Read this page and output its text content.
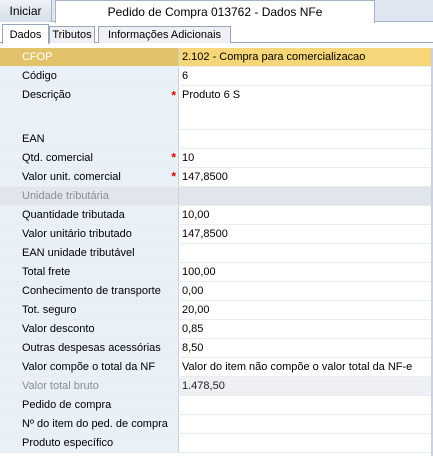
Iniciar	Pedido de Compra 013762 - Dados NFe
Dados Tributos	Informações Adicionais
CFOP	2.102 - Compra para comercializacao
Código	6
Descrição	* Produto 6 S
EAN
Qtd. comercial	* 10
Valor unit. comercial	* 147,8500
Unidade tributária
Quantidade tributada	10,00
Valor unitário tributado	147,8500
EAN unidade tributável
Total frete	100,00
Conhecimento de transporte	0,00
Tot. seguro	20,00
Valor desconto	0,85
Outras despesas acessórias	8,50
Valor compõe o total da NF	Valor do item não compõe o valor total da NF-e
Valor total bruto	1.478,50
Pedido de compra
Nº do item do ped. de compra
Produto específico
